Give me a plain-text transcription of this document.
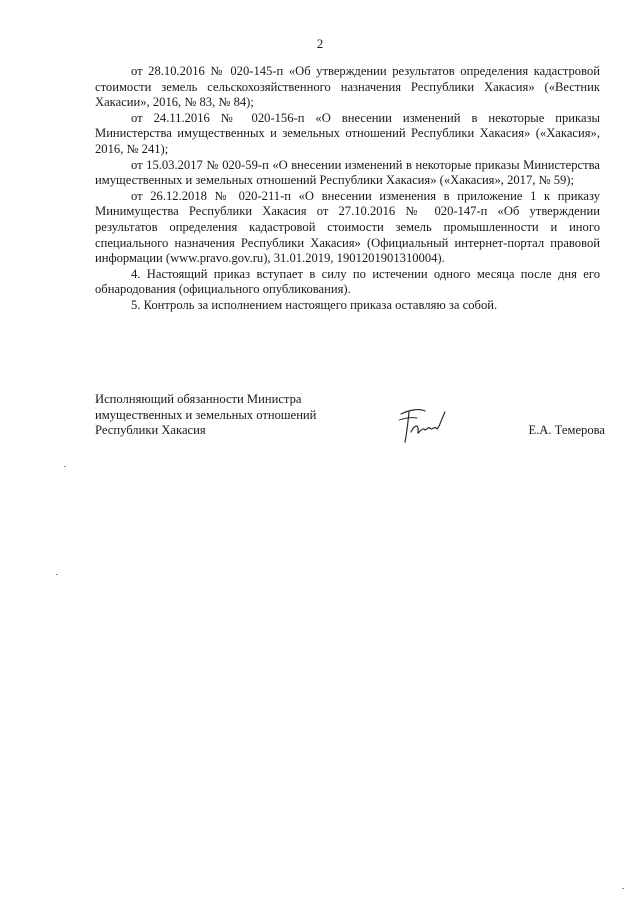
2

от 28.10.2016 № 020-145-п «Об утверждении результатов определения кадастровой стоимости земель сельскохозяйственного назначения Республики Хакасия» («Вестник Хакасии», 2016, № 83, № 84);

от 24.11.2016 № 020-156-п «О внесении изменений в некоторые приказы Министерства имущественных и земельных отношений Республики Хакасия» («Хакасия», 2016, № 241);

от 15.03.2017 № 020-59-п «О внесении изменений в некоторые приказы Министерства имущественных и земельных отношений Республики Хакасия» («Хакасия», 2017, № 59);

от 26.12.2018 № 020-211-п «О внесении изменения в приложение 1 к приказу Минимущества Республики Хакасия от 27.10.2016 № 020-147-п «Об утверждении результатов определения кадастровой стоимости земель промышленности и иного специального назначения Республики Хакасия» (Официальный интернет-портал правовой информации (www.pravo.gov.ru), 31.01.2019, 1901201901310004).

4. Настоящий приказ вступает в силу по истечении одного месяца после дня его обнародования (официального опубликования).

5. Контроль за исполнением настоящего приказа оставляю за собой.

Исполняющий обязанности Министра
имущественных и земельных отношений
Республики Хакасия	Е.А. Темерова
